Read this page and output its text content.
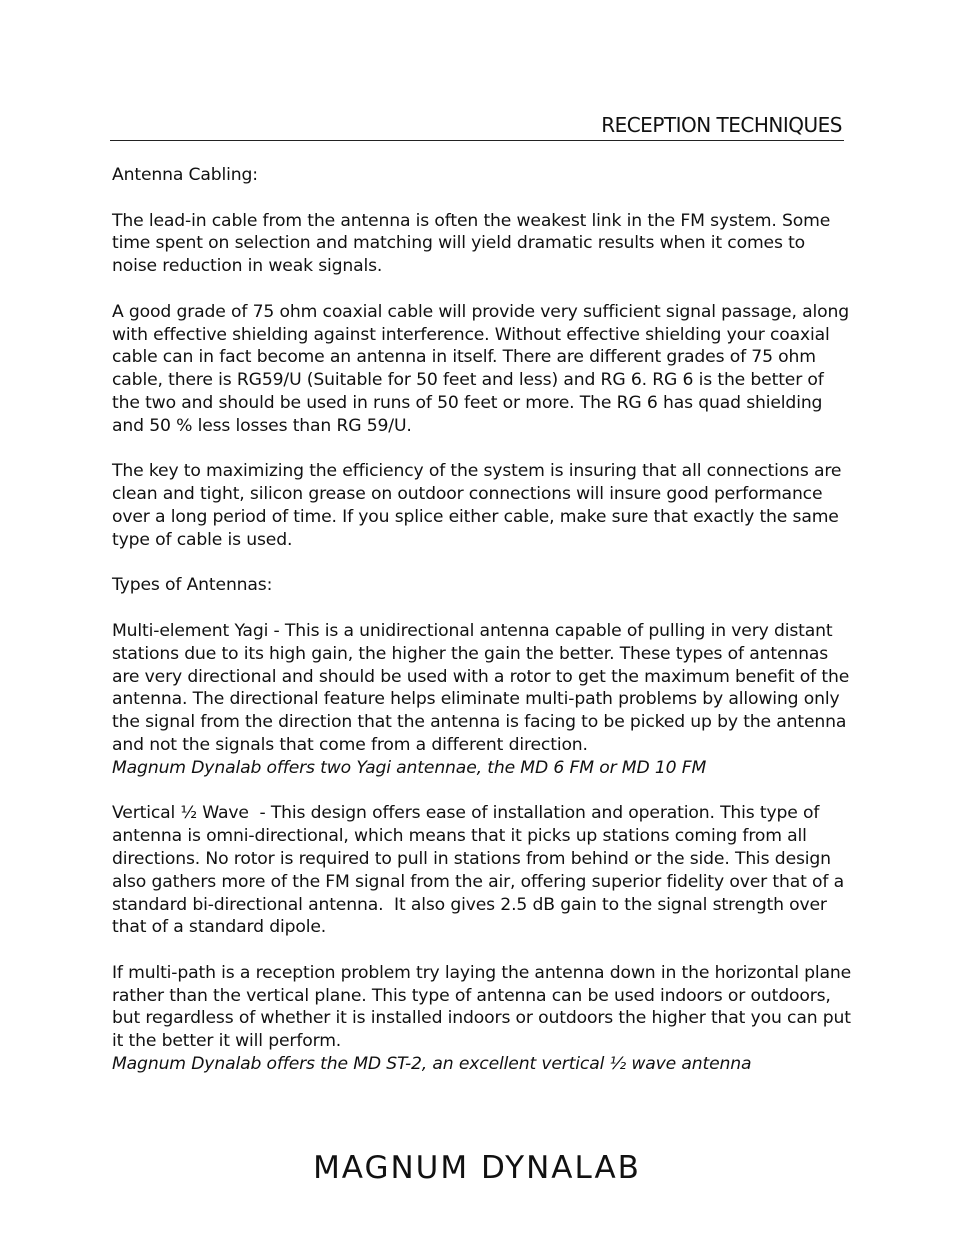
RECEPTION TECHNIQUES

Antenna Cabling:

The lead-in cable from the antenna is often the weakest link in the FM system. Some time spent on selection and matching will yield dramatic results when it comes to noise reduction in weak signals.

A good grade of 75 ohm coaxial cable will provide very sufficient signal passage, along with effective shielding against interference. Without effective shielding your coaxial cable can in fact become an antenna in itself. There are different grades of 75 ohm cable, there is RG59/U (Suitable for 50 feet and less) and RG 6. RG 6 is the better of the two and should be used in runs of 50 feet or more. The RG 6 has quad shielding and 50 % less losses than RG 59/U.

The key to maximizing the efficiency of the system is insuring that all connections are clean and tight, silicon grease on outdoor connections will insure good performance over a long period of time. If you splice either cable, make sure that exactly the same type of cable is used.

Types of Antennas:

Multi-element Yagi - This is a unidirectional antenna capable of pulling in very distant stations due to its high gain, the higher the gain the better. These types of antennas are very directional and should be used with a rotor to get the maximum benefit of the antenna. The directional feature helps eliminate multi-path problems by allowing only the signal from the direction that the antenna is facing to be picked up by the antenna and not the signals that come from a different direction.

Magnum Dynalab offers two Yagi antennae, the MD 6 FM or MD 10 FM

Vertical ½ Wave  - This design offers ease of installation and operation. This type of antenna is omni-directional, which means that it picks up stations coming from all directions. No rotor is required to pull in stations from behind or the side. This design also gathers more of the FM signal from the air, offering superior fidelity over that of a standard bi-directional antenna.  It also gives 2.5 dB gain to the signal strength over that of a standard dipole.

If multi-path is a reception problem try laying the antenna down in the horizontal plane rather than the vertical plane. This type of antenna can be used indoors or outdoors, but regardless of whether it is installed indoors or outdoors the higher that you can put it the better it will perform.

Magnum Dynalab offers the MD ST-2, an excellent vertical ½ wave antenna

MAGNUM DYNALAB
